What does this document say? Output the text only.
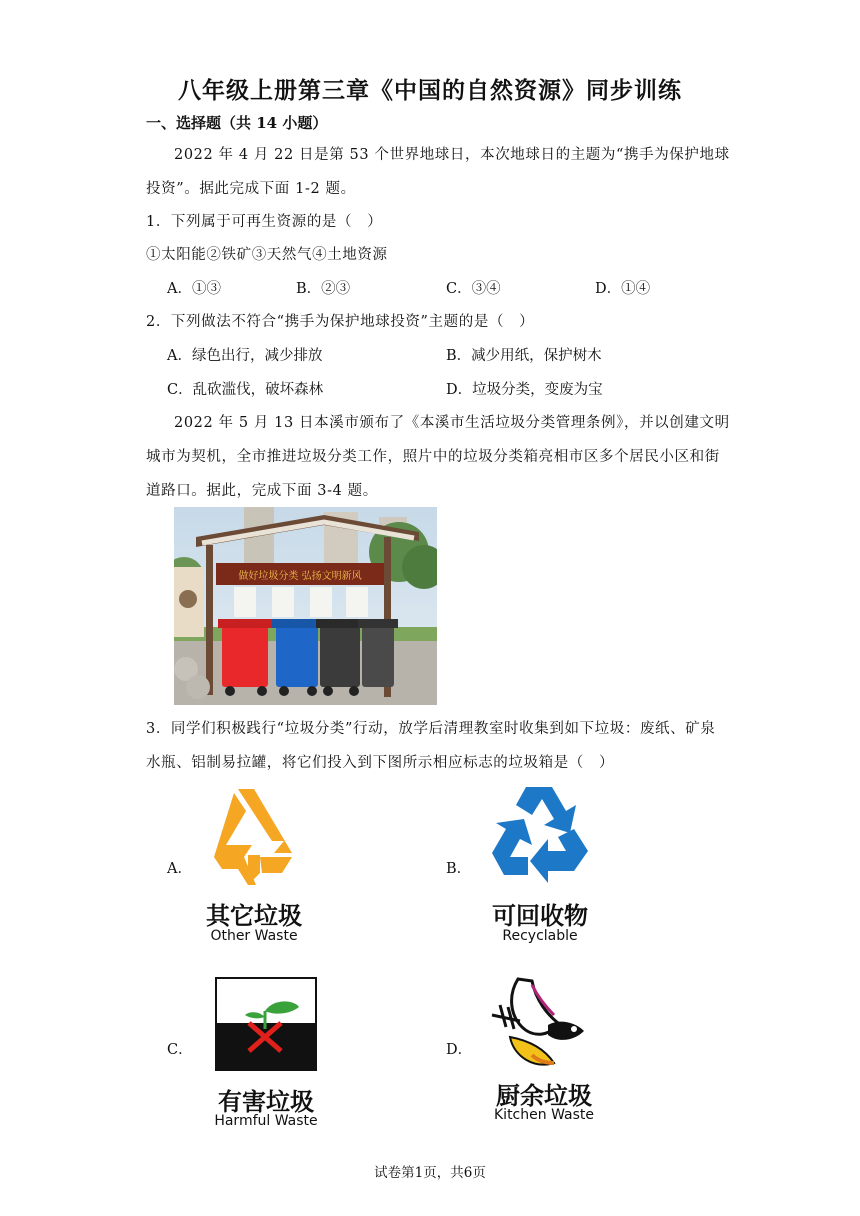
八年级上册第三章《中国的自然资源》同步训练
一、选择题（共 14 小题）
2022 年 4 月 22 日是第 53 个世界地球日，本次地球日的主题为“携手为保护地球
投资”。据此完成下面 1-2 题。
1．下列属于可再生资源的是（　）
①太阳能②铁矿③天然气④土地资源
A．①③	B．②③	C．③④	D．①④
2．下列做法不符合“携手为保护地球投资”主题的是（　）
A．绿色出行，减少排放	B．减少用纸，保护树木
C．乱砍滥伐，破坏森林	D．垃圾分类，变废为宝
2022 年 5 月 13 日本溪市颁布了《本溪市生活垃圾分类管理条例》，并以创建文明
城市为契机，全市推进垃圾分类工作，照片中的垃圾分类箱亮相市区多个居民小区和街
道路口。据此，完成下面 3-4 题。
做好垃圾分类 弘扬文明新风
3．同学们积极践行“垃圾分类”行动，放学后清理教室时收集到如下垃圾：废纸、矿泉
水瓶、铝制易拉罐，将它们投入到下图所示相应标志的垃圾箱是（　）
A．
其它垃圾
Other Waste
B．
可回收物
Recyclable
C．
有害垃圾
Harmful Waste
D．
厨余垃圾
Kitchen Waste
试卷第1页，共6页
